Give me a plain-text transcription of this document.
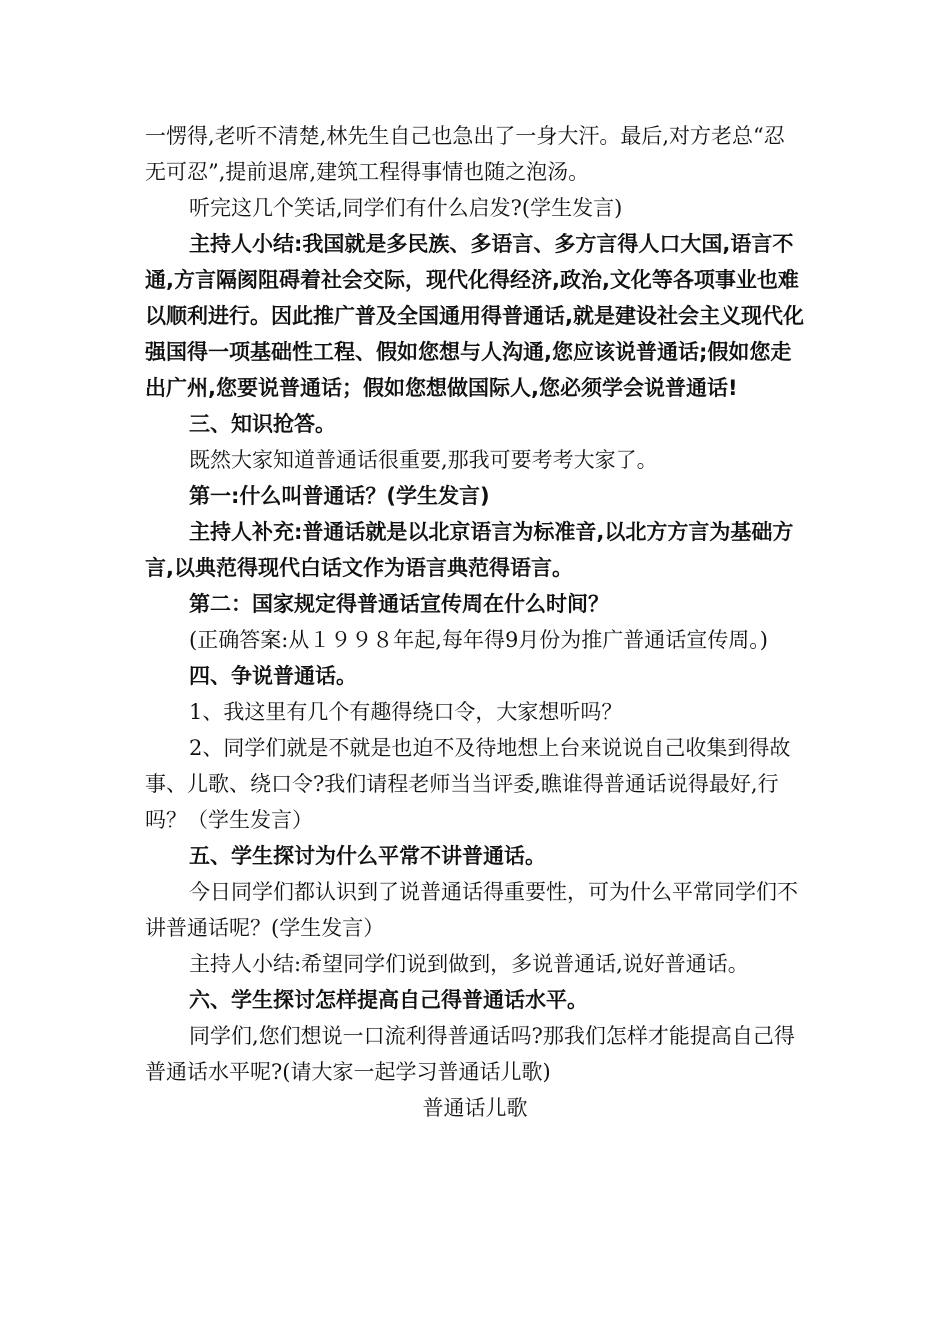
一愣得,老听不清楚,林先生自己也急出了一身大汗。最后,对方老总“忍无可忍”,提前退席,建筑工程得事情也随之泡汤。

听完这几个笑话,同学们有什么启发?(学生发言)

主持人小结:我国就是多民族、多语言、多方言得人口大国,语言不通,方言隔阂阻碍着社会交际，现代化得经济,政治,文化等各项事业也难以顺利进行。因此推广普及全国通用得普通话,就是建设社会主义现代化强国得一项基础性工程、假如您想与人沟通,您应该说普通话;假如您走出广州,您要说普通话；假如您想做国际人,您必须学会说普通话!

三、知识抢答。

既然大家知道普通话很重要,那我可要考考大家了。

第一:什么叫普通话？(学生发言)

主持人补充:普通话就是以北京语言为标准音,以北方方言为基础方言,以典范得现代白话文作为语言典范得语言。

第二：国家规定得普通话宣传周在什么时间？

(正确答案:从１９９８年起,每年得9月份为推广普通话宣传周。)

四、争说普通话。

1、我这里有几个有趣得绕口令，大家想听吗？

2、同学们就是不就是也迫不及待地想上台来说说自己收集到得故事、儿歌、绕口令?我们请程老师当当评委,瞧谁得普通话说得最好,行吗？（学生发言）

五、学生探讨为什么平常不讲普通话。

今日同学们都认识到了说普通话得重要性，可为什么平常同学们不讲普通话呢？(学生发言）

主持人小结:希望同学们说到做到，多说普通话,说好普通话。

六、学生探讨怎样提高自己得普通话水平。

同学们,您们想说一口流利得普通话吗?那我们怎样才能提高自己得普通话水平呢?(请大家一起学习普通话儿歌)

普通话儿歌
